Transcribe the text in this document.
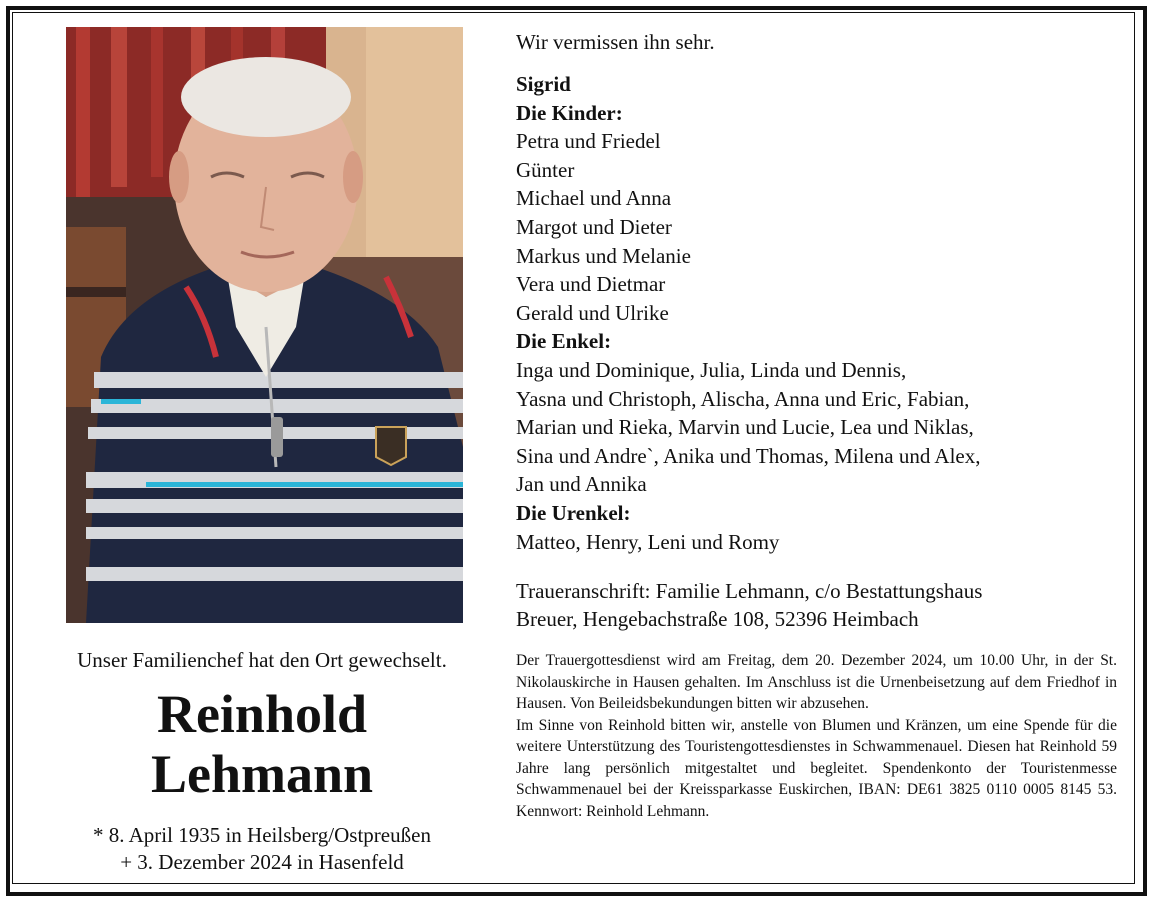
Unser Familienchef hat den Ort gewechselt.
Reinhold
Lehmann
* 8. April 1935 in Heilsberg/Ostpreußen
+ 3. Dezember 2024 in Hasenfeld
Wir vermissen ihn sehr.
Sigrid
Die Kinder:
Petra und Friedel
Günter
Michael und Anna
Margot und Dieter
Markus und Melanie
Vera und Dietmar
Gerald und Ulrike
Die Enkel:
Inga und Dominique, Julia, Linda und Dennis,
Yasna und Christoph, Alischa, Anna und Eric, Fabian,
Marian und Rieka, Marvin und Lucie, Lea und Niklas,
Sina und Andre`, Anika und Thomas, Milena und Alex,
Jan und Annika
Die Urenkel:
Matteo, Henry, Leni und Romy
Traueranschrift: Familie Lehmann, c/o Bestattungshaus
Breuer, Hengebachstraße 108, 52396 Heimbach

Der Trauergottesdienst wird am Freitag, dem 20. Dezember 2024, um 10.00 Uhr, in der St. Nikolauskirche in Hausen gehalten. Im Anschluss ist die Urnenbeisetzung auf dem Friedhof in Hausen. Von Beileidsbekundungen bitten wir abzusehen.

Im Sinne von Reinhold bitten wir, anstelle von Blumen und Kränzen, um eine Spende für die weitere Unterstützung des Touristengottesdienstes in Schwammenauel. Diesen hat Reinhold 59 Jahre lang persönlich mitgestaltet und begleitet. Spendenkonto der Touristenmesse Schwammenauel bei der Kreissparkasse Euskirchen, IBAN: DE61 3825 0110 0005 8145 53. Kennwort: Reinhold Lehmann.
